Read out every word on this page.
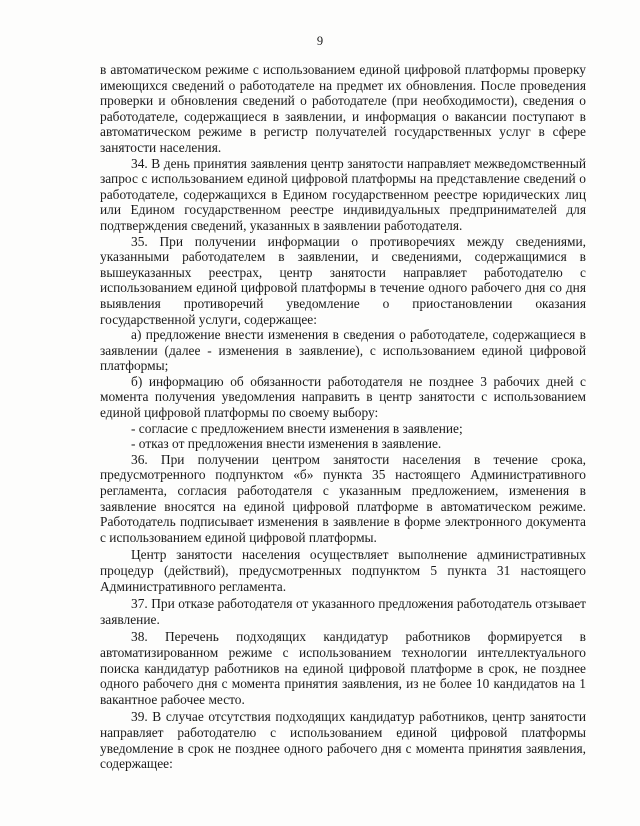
9

в автоматическом режиме с использованием единой цифровой платформы проверку имеющихся сведений о работодателе на предмет их обновления. После проведения проверки и обновления сведений о работодателе (при необходимости), сведения о работодателе, содержащиеся в заявлении, и информация о вакансии поступают в автоматическом режиме в регистр получателей государственных услуг в сфере занятости населения.

34. В день принятия заявления центр занятости направляет межведомственный запрос с использованием единой цифровой платформы на представление сведений о работодателе, содержащихся в Едином государственном реестре юридических лиц или Едином государственном реестре индивидуальных предпринимателей для подтверждения сведений, указанных в заявлении работодателя.

35. При получении информации о противоречиях между сведениями, указанными работодателем в заявлении, и сведениями, содержащимися в вышеуказанных реестрах, центр занятости направляет работодателю с использованием единой цифровой платформы в течение одного рабочего дня со дня выявления противоречий уведомление о приостановлении оказания государственной услуги, содержащее:

а) предложение внести изменения в сведения о работодателе, содержащиеся в заявлении (далее - изменения в заявление), с использованием единой цифровой платформы;

б) информацию об обязанности работодателя не позднее 3 рабочих дней с момента получения уведомления направить в центр занятости с использованием единой цифровой платформы по своему выбору:

- согласие с предложением внести изменения в заявление;

- отказ от предложения внести изменения в заявление.

36. При получении центром занятости населения в течение срока, предусмотренного подпунктом «б» пункта 35 настоящего Административного регламента, согласия работодателя с указанным предложением, изменения в заявление вносятся на единой цифровой платформе в автоматическом режиме. Работодатель подписывает изменения в заявление в форме электронного документа с использованием единой цифровой платформы.

Центр занятости населения осуществляет выполнение административных процедур (действий), предусмотренных подпунктом 5 пункта 31 настоящего Административного регламента.

37. При отказе работодателя от указанного предложения работодатель отзывает заявление.

38. Перечень подходящих кандидатур работников формируется в автоматизированном режиме с использованием технологии интеллектуального поиска кандидатур работников на единой цифровой платформе в срок, не позднее одного рабочего дня с момента принятия заявления, из не более 10 кандидатов на 1 вакантное рабочее место.

39. В случае отсутствия подходящих кандидатур работников, центр занятости направляет работодателю с использованием единой цифровой платформы уведомление в срок не позднее одного рабочего дня с момента принятия заявления, содержащее:
